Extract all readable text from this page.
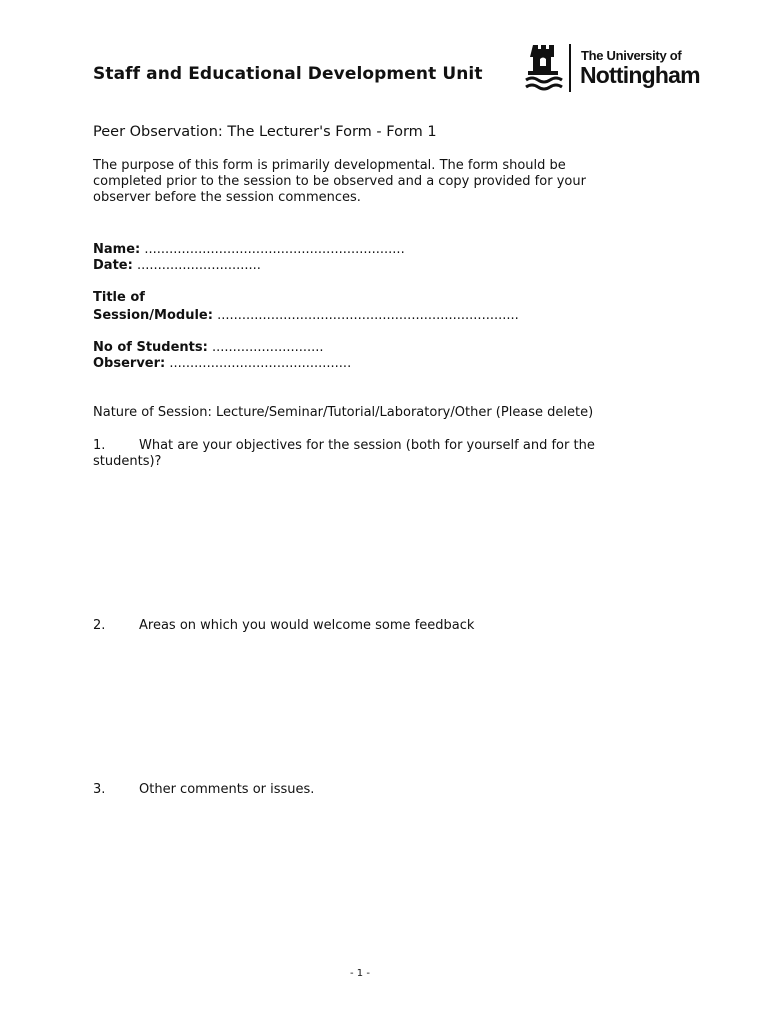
Staff and Educational Development Unit
The University of
Nottingham
Peer Observation: The Lecturer's Form - Form 1
The purpose of this form is primarily developmental. The form should be
completed prior to the session to be observed and a copy provided for your
observer before the session commences.
Name: ...............................................................
Date: ..............................
Title of
Session/Module: .........................................................................
No of Students: ...........................
Observer: ............................................
Nature of Session: Lecture/Seminar/Tutorial/Laboratory/Other (Please delete)
1.	What are your objectives for the session (both for yourself and for the
students)?
2.	Areas on which you would welcome some feedback
3.	Other comments or issues.
- 1 -
